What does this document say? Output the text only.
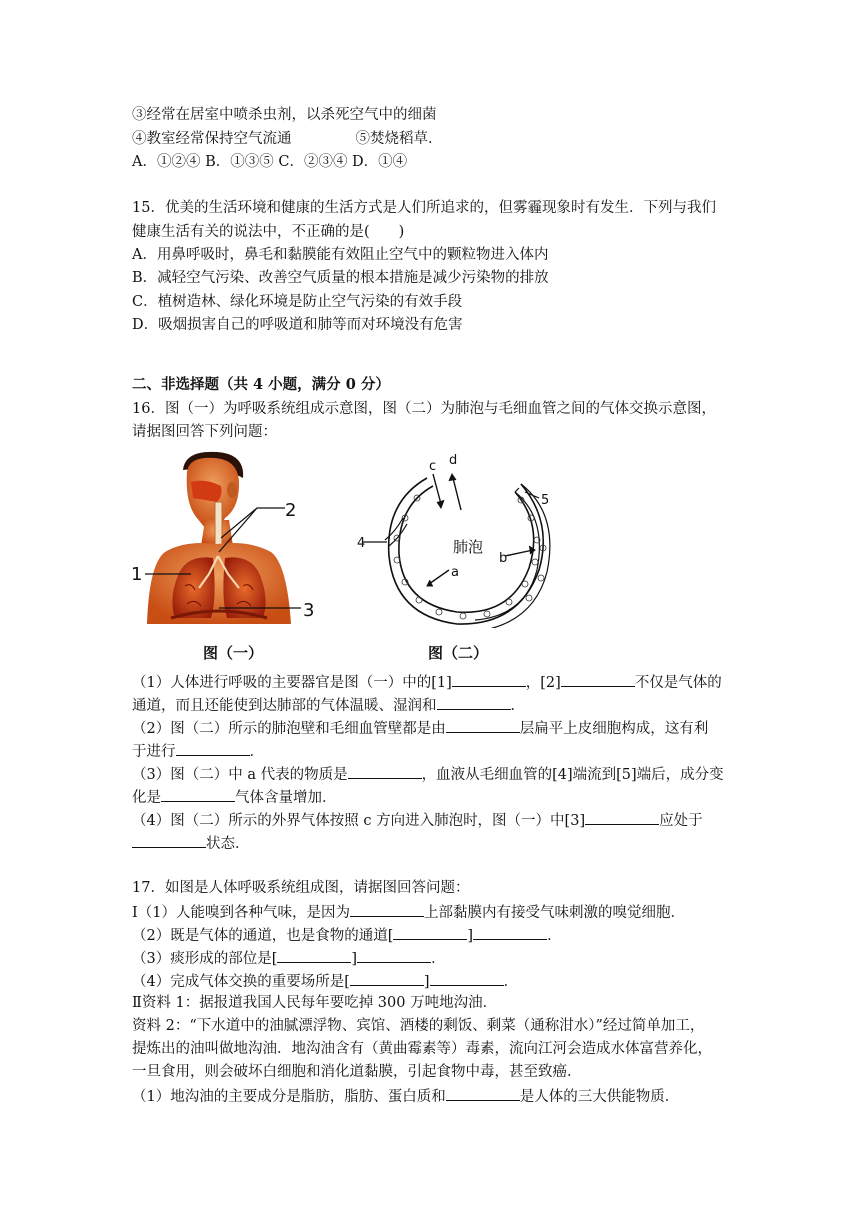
③经常在居室中喷杀虫剂，以杀死空气中的细菌
④教室经常保持空气流通	⑤焚烧稻草．
A．①②④ B．①③⑤ C．②③④ D．①④
15．优美的生活环境和健康的生活方式是人们所追求的，但雾霾现象时有发生．下列与我们
健康生活有关的说法中，不正确的是(　　)
A．用鼻呼吸时，鼻毛和黏膜能有效阻止空气中的颗粒物进入体内
B．减轻空气污染、改善空气质量的根本措施是减少污染物的排放
C．植树造林、绿化环境是防止空气污染的有效手段
D．吸烟损害自己的呼吸道和肺等而对环境没有危害
二、非选择题（共 4 小题，满分 0 分）
16．图（一）为呼吸系统组成示意图，图（二）为肺泡与毛细血管之间的气体交换示意图，
请据图回答下列问题：
2
1
3
肺泡
a
b
c d
4
5
图（一）	图（二）
（1）人体进行呼吸的主要器官是图（一）中的[1]	，[2]	不仅是气体的
通道，而且还能使到达肺部的气体温暖、湿润和	．
（2）图（二）所示的肺泡壁和毛细血管壁都是由	层扁平上皮细胞构成，这有利
于进行	．
（3）图（二）中 a 代表的物质是	，血液从毛细血管的[4]端流到[5]端后，成分变
化是	气体含量增加．
（4）图（二）所示的外界气体按照 c 方向进入肺泡时，图（一）中[3]	应处于
状态．
17．如图是人体呼吸系统组成图，请据图回答问题：
Ⅰ（1）人能嗅到各种气味，是因为	上部黏膜内有接受气味刺激的嗅觉细胞．
（2）既是气体的通道，也是食物的通道[	]	．
（3）痰形成的部位是[	]	．
（4）完成气体交换的重要场所是[	]	．
Ⅱ资料 1：据报道我国人民每年要吃掉 300 万吨地沟油．
资料 2：“下水道中的油腻漂浮物、宾馆、酒楼的剩饭、剩菜（通称泔水）”经过简单加工，
提炼出的油叫做地沟油．地沟油含有（黄曲霉素等）毒素，流向江河会造成水体富营养化，
一旦食用，则会破坏白细胞和消化道黏膜，引起食物中毒，甚至致癌．
（1）地沟油的主要成分是脂肪，脂肪、蛋白质和	是人体的三大供能物质．
